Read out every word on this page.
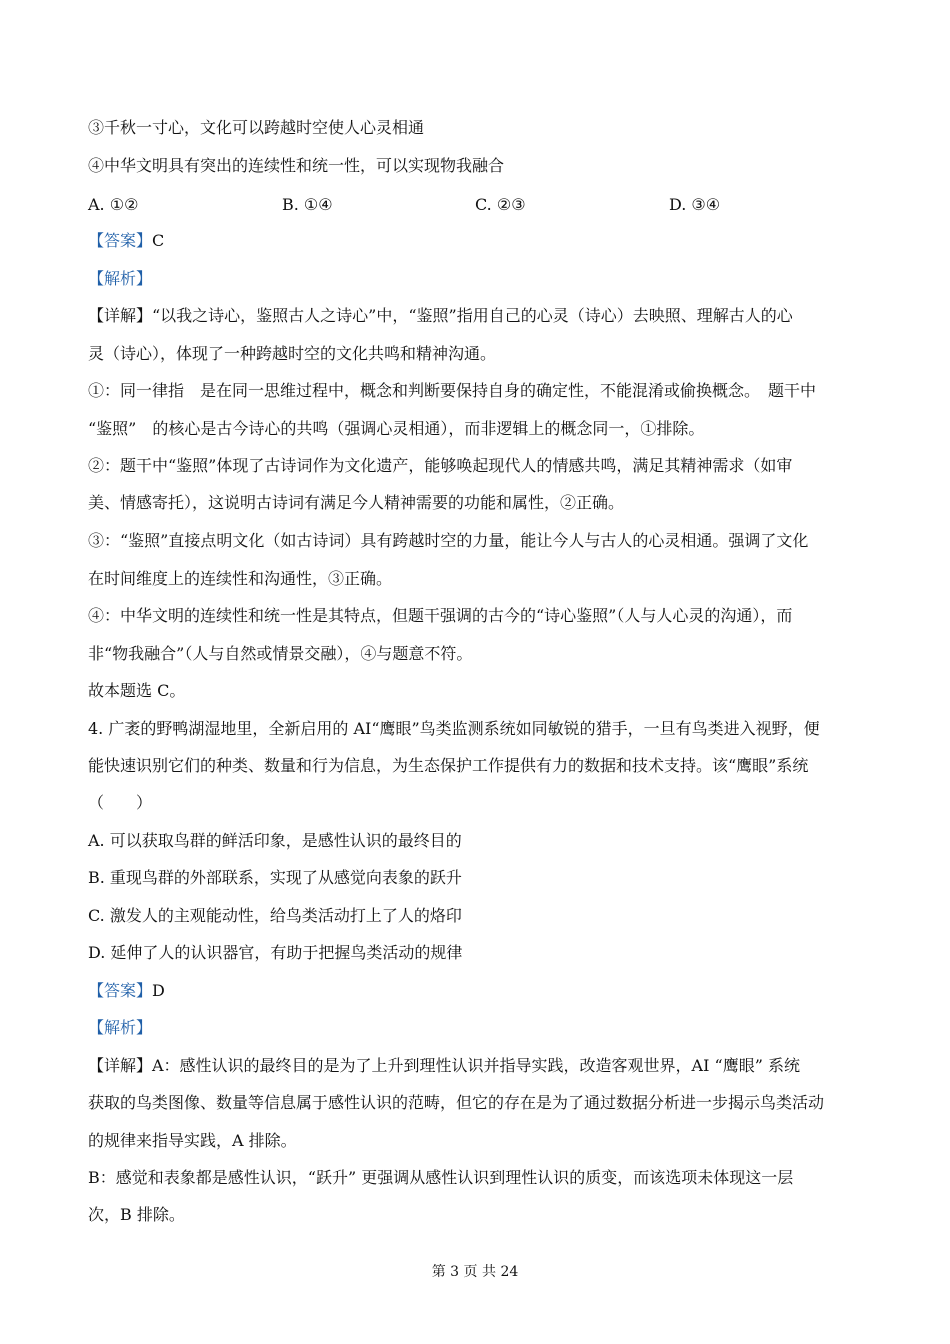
③千秋一寸心，文化可以跨越时空使人心灵相通
④中华文明具有突出的连续性和统一性，可以实现物我融合
A. ①②	B. ①④	C. ②③	D. ③④
【答案】C
【解析】
【详解】“以我之诗心，鉴照古人之诗心”中，“鉴照”指用自己的心灵（诗心）去映照、理解古人的心
灵（诗心），体现了一种跨越时空的文化共鸣和精神沟通。
①：同一律指　是在同一思维过程中，概念和判断要保持自身的确定性，不能混淆或偷换概念。　题干中
“鉴照”　的核心是古今诗心的共鸣（强调心灵相通），而非逻辑上的概念同一，①排除。
②：题干中“鉴照”体现了古诗词作为文化遗产，能够唤起现代人的情感共鸣，满足其精神需求（如审
美、情感寄托），这说明古诗词有满足今人精神需要的功能和属性，②正确。
③：“鉴照”直接点明文化（如古诗词）具有跨越时空的力量，能让今人与古人的心灵相通。强调了文化
在时间维度上的连续性和沟通性，③正确。
④：中华文明的连续性和统一性是其特点，但题干强调的古今的“诗心鉴照”（人与人心灵的沟通），而
非“物我融合”（人与自然或情景交融），④与题意不符。
故本题选 C。
4. 广袤的野鸭湖湿地里，全新启用的 AI“鹰眼”鸟类监测系统如同敏锐的猎手，一旦有鸟类进入视野，便
能快速识别它们的种类、数量和行为信息，为生态保护工作提供有力的数据和技术支持。该“鹰眼”系统
（　　）
A. 可以获取鸟群的鲜活印象，是感性认识的最终目的
B. 重现鸟群的外部联系，实现了从感觉向表象的跃升
C. 激发人的主观能动性，给鸟类活动打上了人的烙印
D. 延伸了人的认识器官，有助于把握鸟类活动的规律
【答案】D
【解析】
【详解】A：感性认识的最终目的是为了上升到理性认识并指导实践，改造客观世界，AI “鹰眼” 系统
获取的鸟类图像、数量等信息属于感性认识的范畴，但它的存在是为了通过数据分析进一步揭示鸟类活动
的规律来指导实践，A 排除。
B：感觉和表象都是感性认识，“跃升” 更强调从感性认识到理性认识的质变，而该选项未体现这一层
次，B 排除。
第 3 页 共 24
